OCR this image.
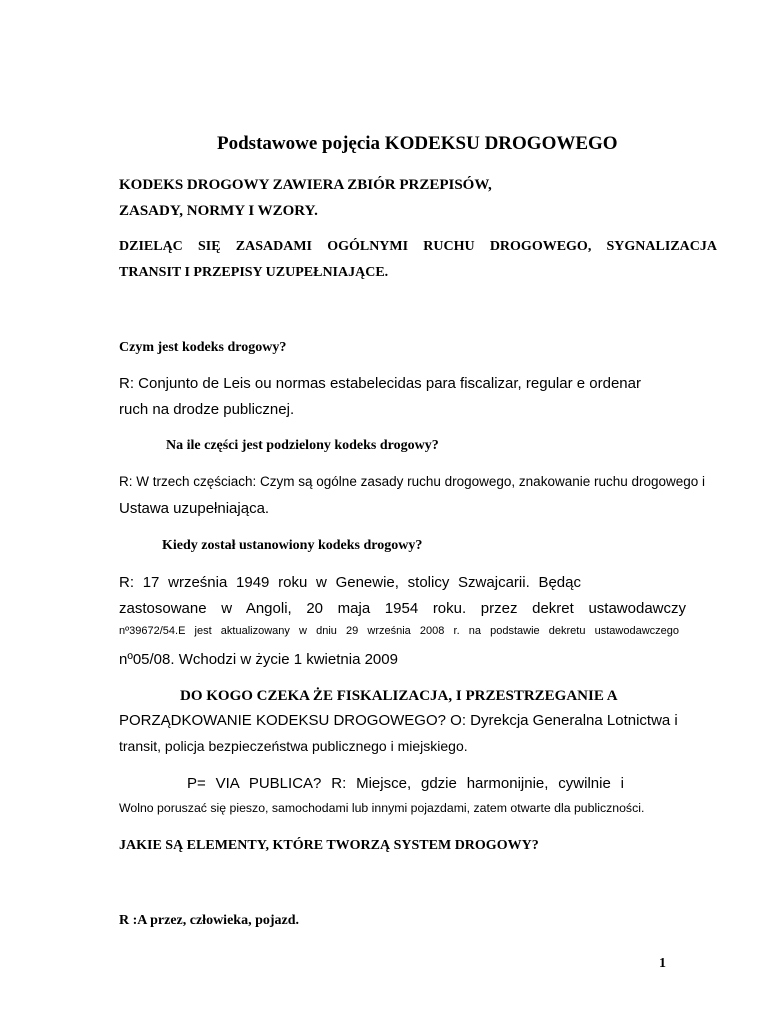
Podstawowe pojęcia KODEKSU DROGOWEGO

KODEKS DROGOWY ZAWIERA ZBIÓR PRZEPISÓW,

ZASADY, NORMY I WZORY.

DZIELĄC SIĘ ZASADAMI OGÓLNYMI RUCHU DROGOWEGO, SYGNALIZACJA

TRANSIT I PRZEPISY UZUPEŁNIAJĄCE.

Czym jest kodeks drogowy?

R: Conjunto de Leis ou normas estabelecidas para fiscalizar, regular e ordenar

ruch na drodze publicznej.

Na ile części jest podzielony kodeks drogowy?

R: W trzech częściach: Czym są ogólne zasady ruchu drogowego, znakowanie ruchu drogowego i

Ustawa uzupełniająca.

Kiedy został ustanowiony kodeks drogowy?

R: 17 września 1949 roku w Genewie, stolicy Szwajcarii. Będąc

zastosowane w Angoli, 20 maja 1954 roku. przez dekret ustawodawczy

nº39672/54.E jest aktualizowany w dniu 29 września 2008 r. na podstawie dekretu ustawodawczego

nº05/08. Wchodzi w życie 1 kwietnia 2009

DO KOGO CZEKA ŻE FISKALIZACJA, I PRZESTRZEGANIE A

PORZĄDKOWANIE KODEKSU DROGOWEGO? O: Dyrekcja Generalna Lotnictwa i

transit, policja bezpieczeństwa publicznego i miejskiego.

P= VIA PUBLICA? R: Miejsce, gdzie harmonijnie, cywilnie i

Wolno poruszać się pieszo, samochodami lub innymi pojazdami, zatem otwarte dla publiczności.

JAKIE SĄ ELEMENTY, KTÓRE TWORZĄ SYSTEM DROGOWY?

R :A przez, człowieka, pojazd.

1
